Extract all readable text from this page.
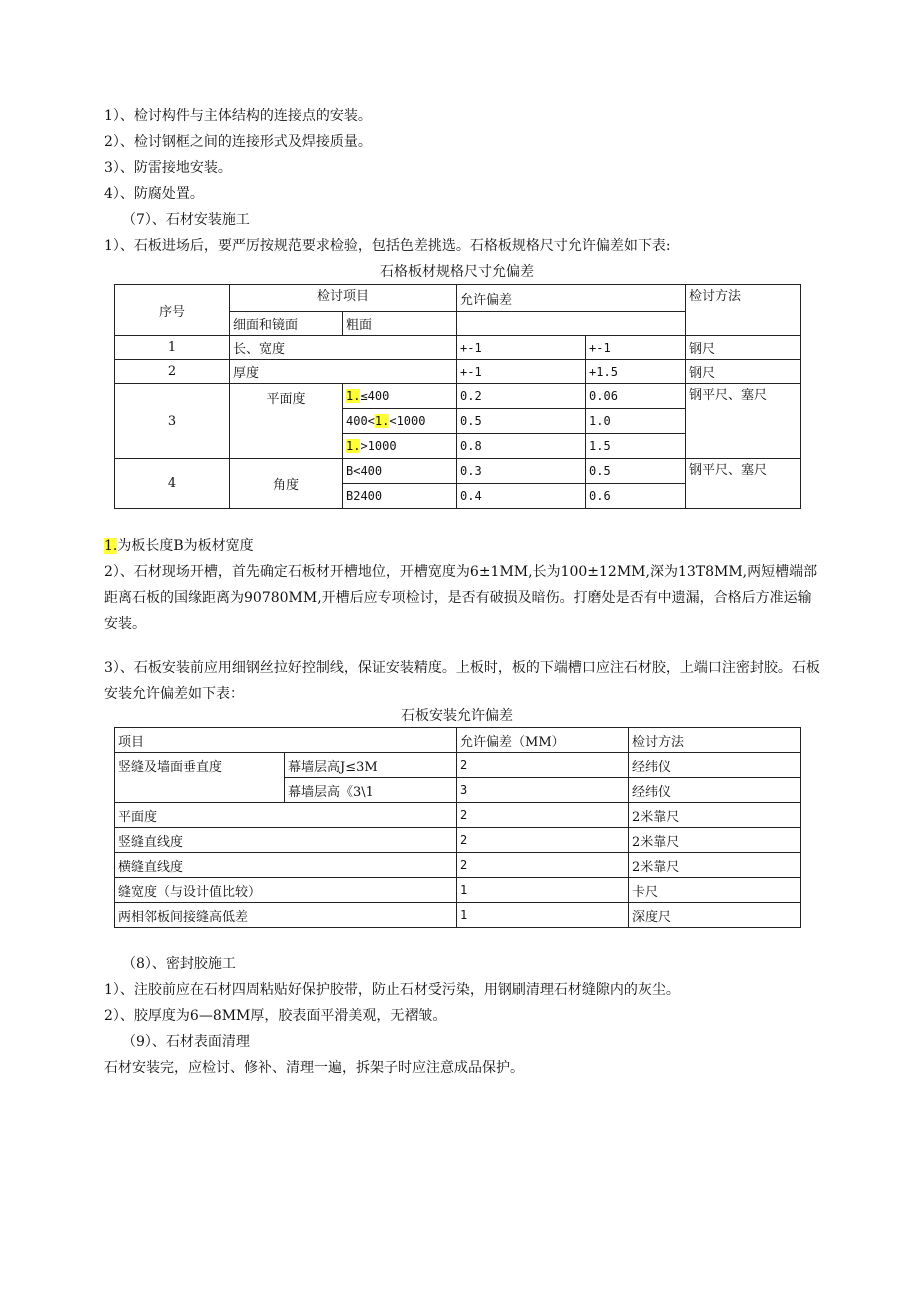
1）、检讨构件与主体结构的连接点的安装。
2）、检讨钢框之间的连接形式及焊接质量。
3）、防雷接地安装。
4）、防腐处置。
（7）、石材安装施工
1）、石板进场后，要严厉按规范要求检验，包括色差挑选。石格板规格尺寸允许偏差如下表:
石格板材规格尺寸允偏差
序号	检讨项目		允许偏差		检讨方法
	细面和镜面	粗面			
1	长、宽度		+-1	+-1	钢尺
2	厚度		+-1	+1.5	钢尺
3	平面度	1.≤400	0.2	0.06	钢平尺、塞尺
		400<1.<1000	0.5	1.0	
		1.>1000	0.8	1.5	
4	角度	B<400	0.3	0.5	钢平尺、塞尺
		B2400	0.4	0.6	
1.为板长度B为板材宽度
2）、石材现场开槽，首先确定石板材开槽地位，开槽宽度为6±1MM,长为100±12MM,深为13T8MM,两短槽端部距离石板的国缘距离为90780MM,开槽后应专项检讨，是否有破损及暗伤。打磨处是否有中遗漏，合格后方准运输安装。
3）、石板安装前应用细钢丝拉好控制线，保证安装精度。上板时，板的下端槽口应注石材胶，上端口注密封胶。石板安装允许偏差如下表：
石板安装允许偏差
项目		允许偏差（MM）	检讨方法
竖缝及墙面垂直度	幕墙层高J≤3M	2	经纬仪
	幕墙层高《3\1	3	经纬仪
平面度		2	2米靠尺
竖缝直线度		2	2米靠尺
横缝直线度		2	2米靠尺
缝宽度（与设计值比较）		1	卡尺
两相邻板间接缝高低差		1	深度尺
（8）、密封胶施工
1）、注胶前应在石材四周粘贴好保护胶带，防止石材受污染，用钢刷清理石材缝隙内的灰尘。
2）、胶厚度为6—8MM厚，胶表面平滑美观，无褶皱。
（9）、石材表面清理
石材安装完，应检讨、修补、清理一遍，拆架子时应注意成品保护。
